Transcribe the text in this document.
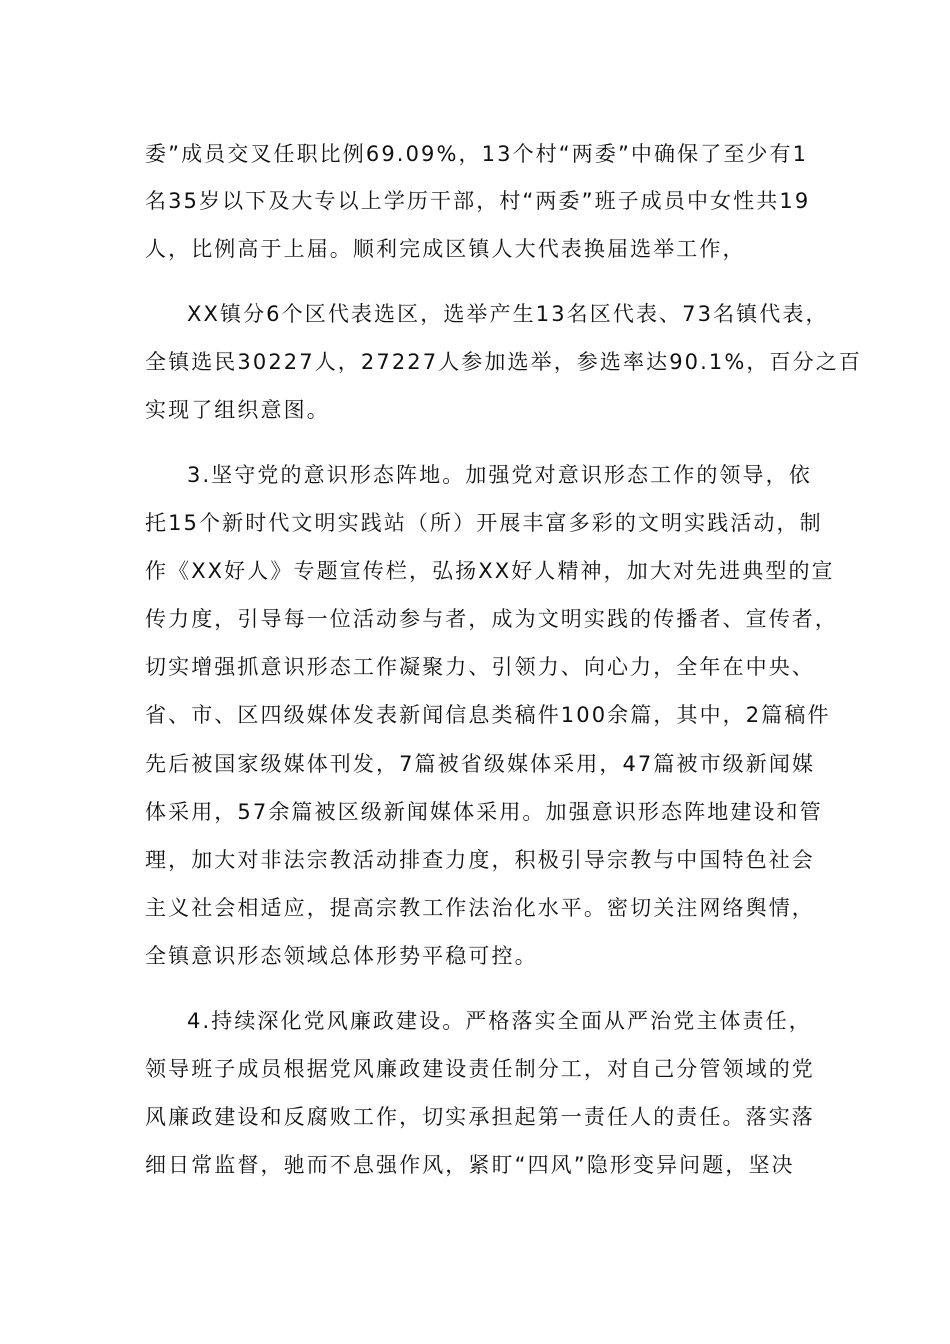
委”成员交叉任职比例69.09%，13个村“两委”中确保了至少有1
名35岁以下及大专以上学历干部，村“两委”班子成员中女性共19
人，比例高于上届。顺利完成区镇人大代表换届选举工作，
XX镇分6个区代表选区，选举产生13名区代表、73名镇代表，
全镇选民30227人，27227人参加选举，参选率达90.1%，百分之百
实现了组织意图。
3.坚守党的意识形态阵地。加强党对意识形态工作的领导，依
托15个新时代文明实践站（所）开展丰富多彩的文明实践活动，制
作《XX好人》专题宣传栏，弘扬XX好人精神，加大对先进典型的宣
传力度，引导每一位活动参与者，成为文明实践的传播者、宣传者，
切实增强抓意识形态工作凝聚力、引领力、向心力，全年在中央、
省、市、区四级媒体发表新闻信息类稿件100余篇，其中，2篇稿件
先后被国家级媒体刊发，7篇被省级媒体采用，47篇被市级新闻媒
体采用，57余篇被区级新闻媒体采用。加强意识形态阵地建设和管
理，加大对非法宗教活动排查力度，积极引导宗教与中国特色社会
主义社会相适应，提高宗教工作法治化水平。密切关注网络舆情，
全镇意识形态领域总体形势平稳可控。
4.持续深化党风廉政建设。严格落实全面从严治党主体责任，
领导班子成员根据党风廉政建设责任制分工，对自己分管领域的党
风廉政建设和反腐败工作，切实承担起第一责任人的责任。落实落
细日常监督，驰而不息强作风，紧盯“四风”隐形变异问题，坚决
